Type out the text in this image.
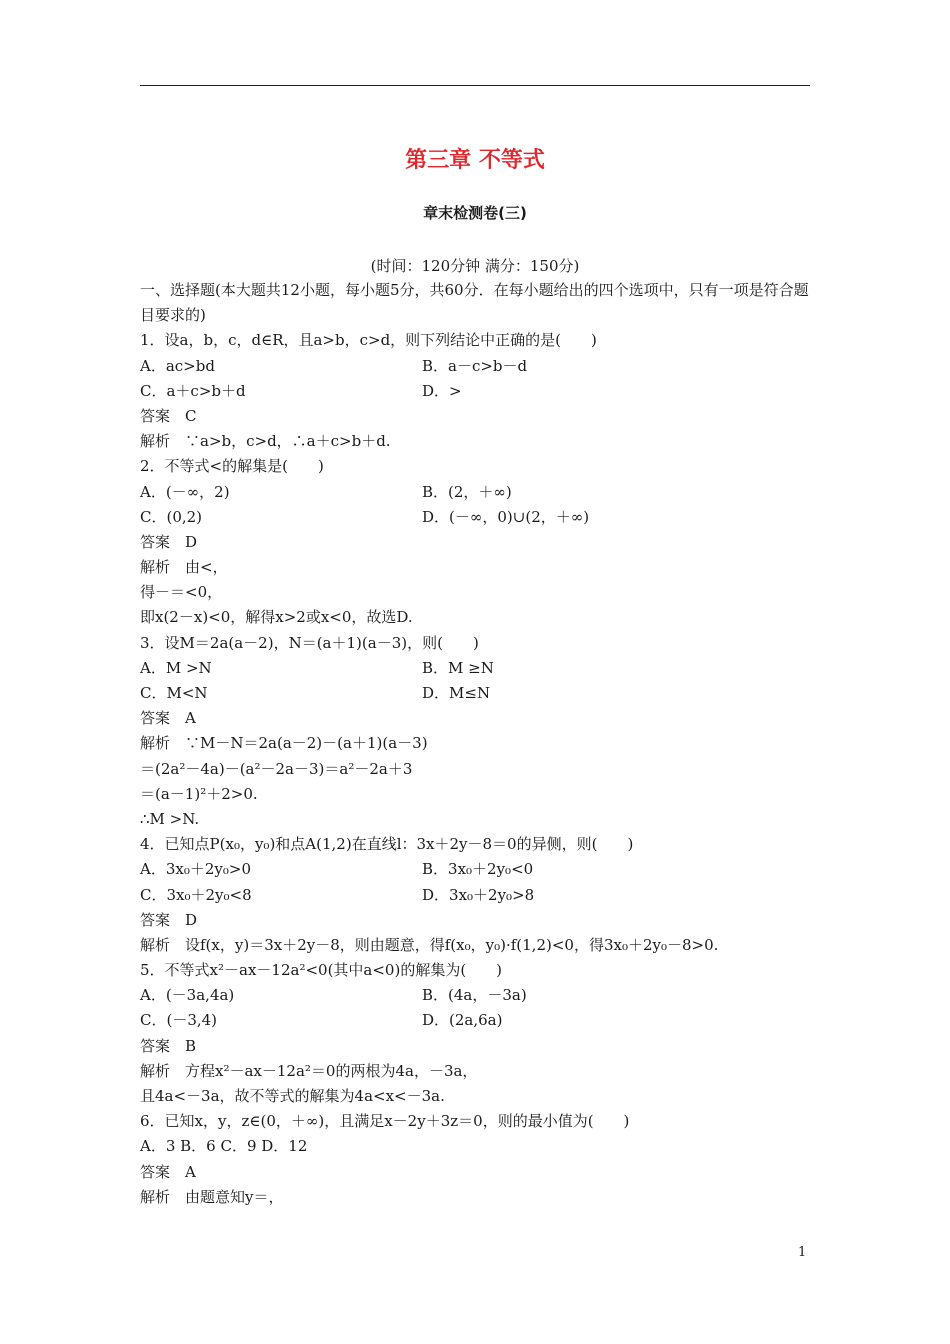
第三章 不等式
章末检测卷(三)
(时间：120分钟 满分：150分)
一、选择题(本大题共12小题，每小题5分，共60分．在每小题给出的四个选项中，只有一项是符合题目要求的)
1．设a，b，c，d∈R，且a>b，c>d，则下列结论中正确的是(　　)
A．ac>bd	B．a－c>b－d
C．a＋c>b＋d	D．>
答案　C
解析　∵a>b，c>d，∴a＋c>b＋d.
2．不等式<的解集是(　　)
A．(－∞，2)	B．(2，＋∞)
C．(0,2)	D．(－∞，0)∪(2，＋∞)
答案　D
解析　由<，
得－＝<0，
即x(2－x)<0，解得x>2或x<0，故选D.
3．设M＝2a(a－2)，N＝(a＋1)(a－3)，则(　　)
A．M >N	B．M ≥N
C．M<N	D．M≤N
答案　A
解析　∵M－N＝2a(a－2)－(a＋1)(a－3)
＝(2a²－4a)－(a²－2a－3)＝a²－2a＋3
＝(a－1)²＋2>0.
∴M >N.
4．已知点P(x₀，y₀)和点A(1,2)在直线l：3x＋2y－8＝0的异侧，则(　　)
A．3x₀＋2y₀>0	B．3x₀＋2y₀<0
C．3x₀＋2y₀<8	D．3x₀＋2y₀>8
答案　D
解析　设f(x，y)＝3x＋2y－8，则由题意，得f(x₀，y₀)·f(1,2)<0，得3x₀＋2y₀－8>0.
5．不等式x²－ax－12a²<0(其中a<0)的解集为(　　)
A．(－3a,4a)	B．(4a，－3a)
C．(－3,4)	D．(2a,6a)
答案　B
解析　方程x²－ax－12a²＝0的两根为4a，－3a，
且4a<－3a，故不等式的解集为4a<x<－3a.
6．已知x，y，z∈(0，＋∞)，且满足x－2y＋3z＝0，则的最小值为(　　)
A．3 B．6 C．9 D．12
答案　A
解析　由题意知y＝，
1
